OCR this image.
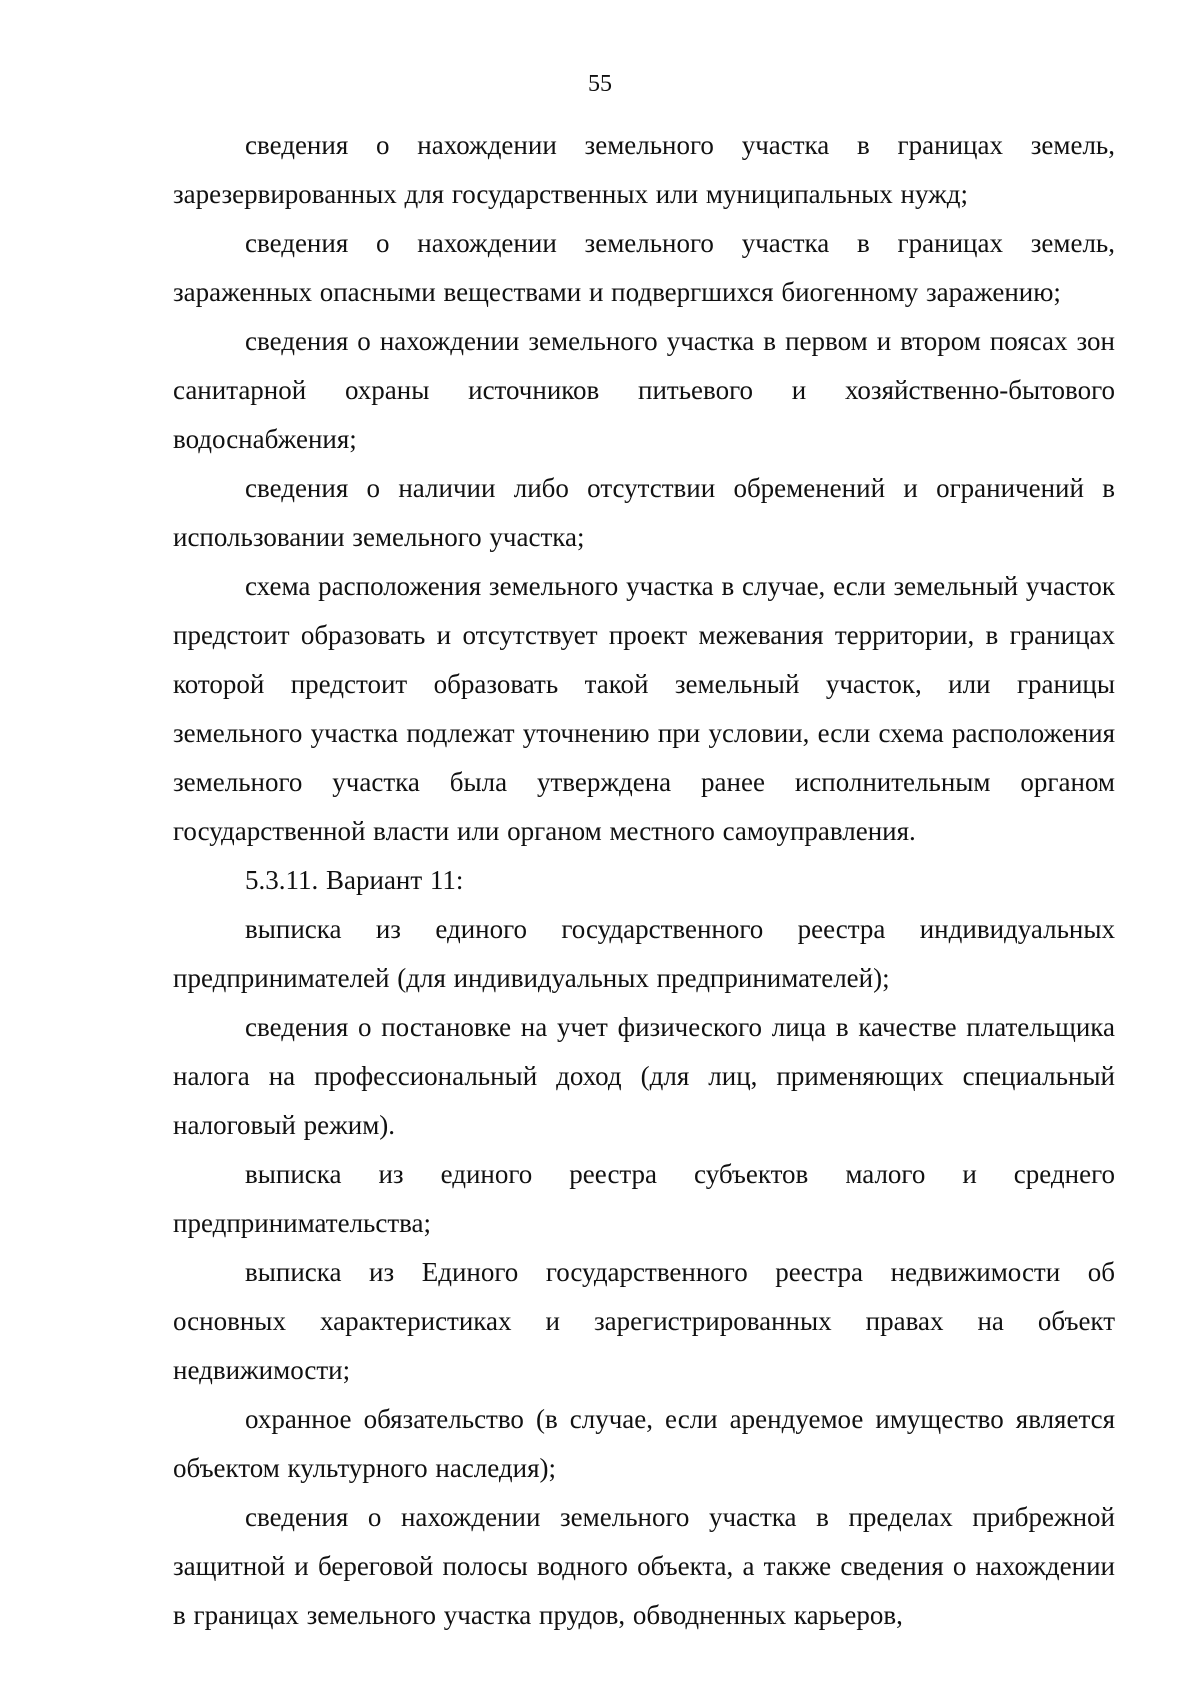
55

сведения о нахождении земельного участка в границах земель, зарезервированных для государственных или муниципальных нужд;

сведения о нахождении земельного участка в границах земель, зараженных опасными веществами и подвергшихся биогенному заражению;

сведения о нахождении земельного участка в первом и втором поясах зон санитарной охраны источников питьевого и хозяйственно-бытового водоснабжения;

сведения о наличии либо отсутствии обременений и ограничений в использовании земельного участка;

схема расположения земельного участка в случае, если земельный участок предстоит образовать и отсутствует проект межевания территории, в границах которой предстоит образовать такой земельный участок, или границы земельного участка подлежат уточнению при условии, если схема расположения земельного участка была утверждена ранее исполнительным органом государственной власти или органом местного самоуправления.

5.3.11. Вариант 11:

выписка из единого государственного реестра индивидуальных предпринимателей (для индивидуальных предпринимателей);

сведения о постановке на учет физического лица в качестве плательщика налога на профессиональный доход (для лиц, применяющих специальный налоговый режим).

выписка из единого реестра субъектов малого и среднего предпринимательства;

выписка из Единого государственного реестра недвижимости об основных характеристиках и зарегистрированных правах на объект недвижимости;

охранное обязательство (в случае, если арендуемое имущество является объектом культурного наследия);

сведения о нахождении земельного участка в пределах прибрежной защитной и береговой полосы водного объекта, а также сведения о нахождении в границах земельного участка прудов, обводненных карьеров,
